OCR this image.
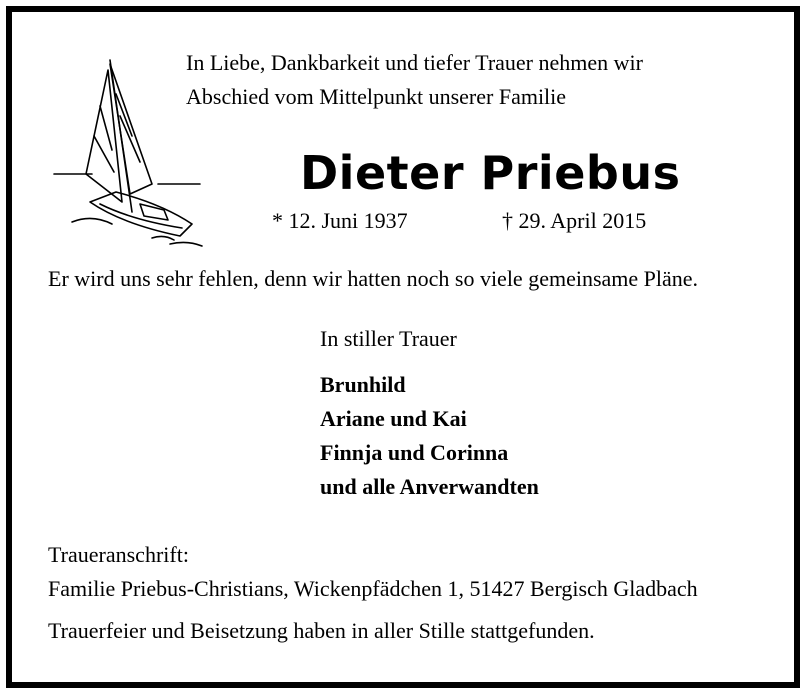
In Liebe, Dankbarkeit und tiefer Trauer nehmen wir
Abschied vom Mittelpunkt unserer Familie
Dieter Priebus
* 12. Juni 1937	† 29. April 2015
Er wird uns sehr fehlen, denn wir hatten noch so viele gemeinsame Pläne.
In stiller Trauer
Brunhild
Ariane und Kai
Finnja und Corinna
und alle Anverwandten
Traueranschrift:
Familie Priebus-Christians, Wickenpfädchen 1, 51427 Bergisch Gladbach
Trauerfeier und Beisetzung haben in aller Stille stattgefunden.
